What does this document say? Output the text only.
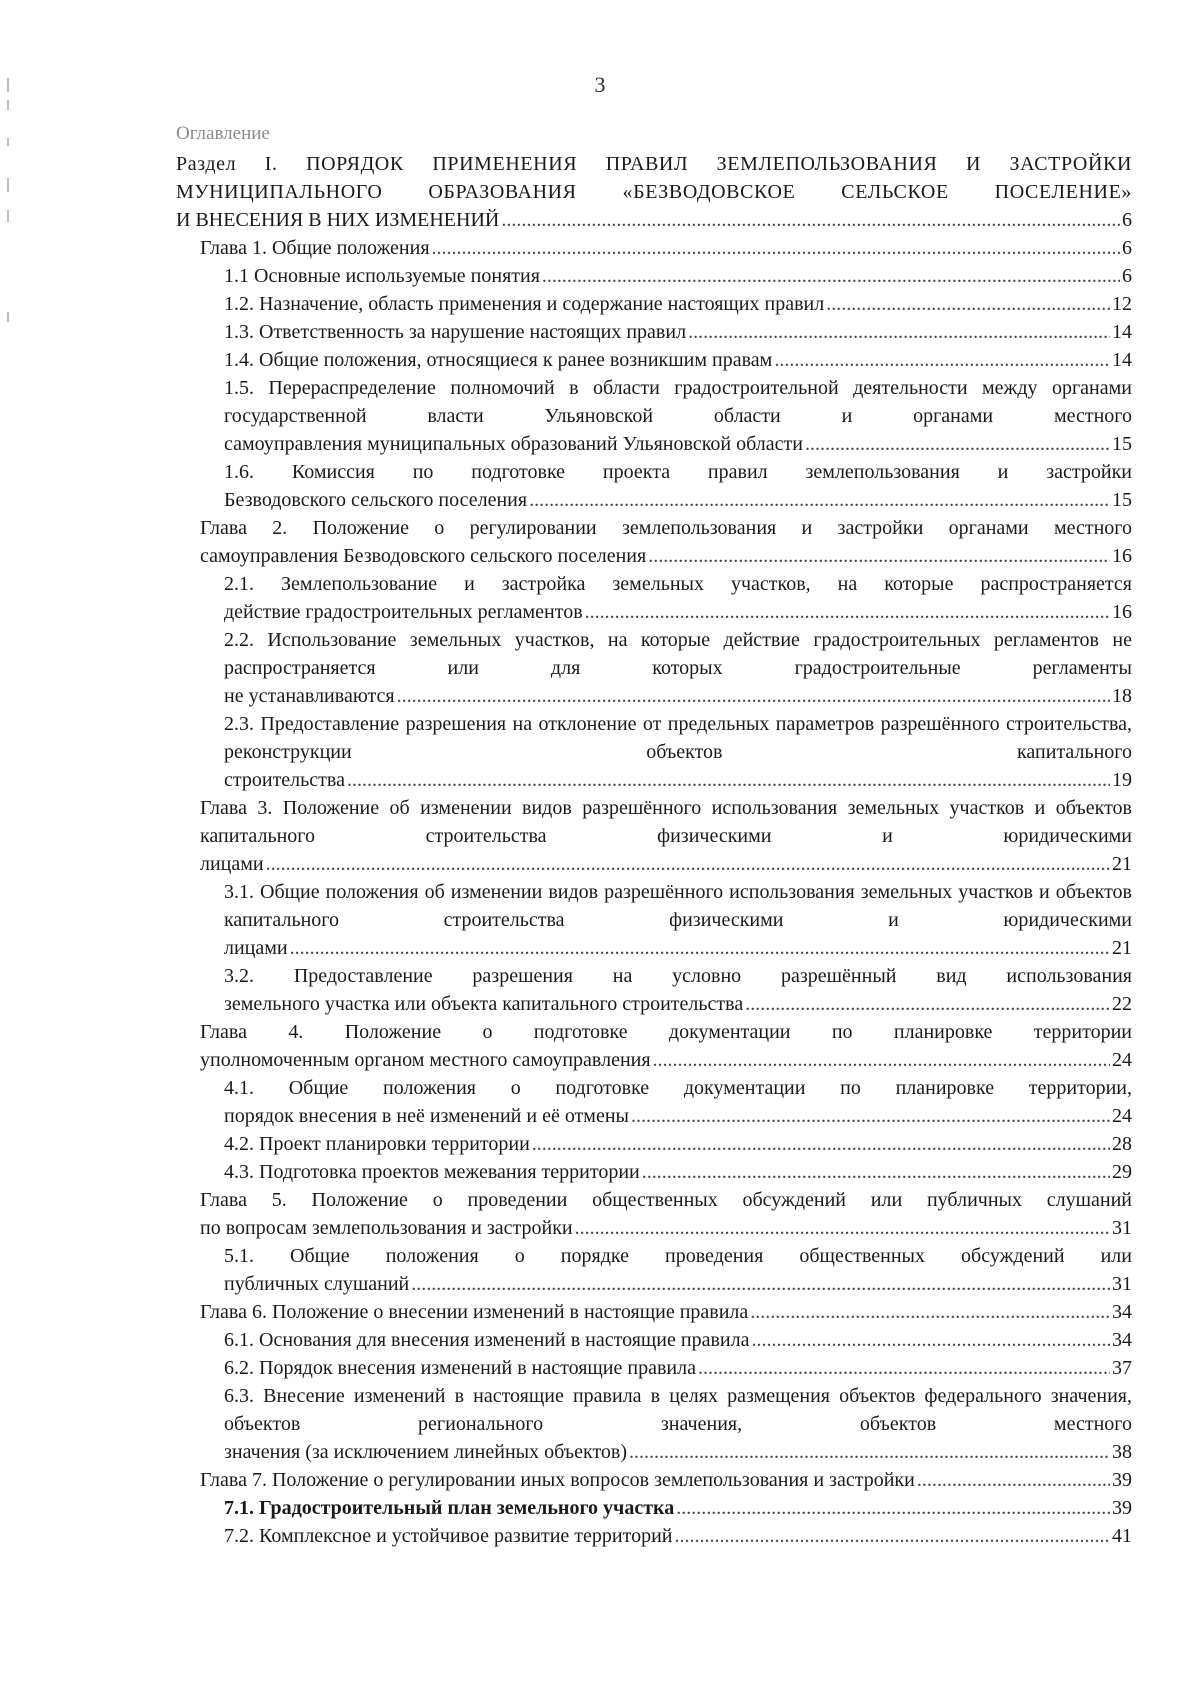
3
Оглавление
Раздел I. ПОРЯДОК ПРИМЕНЕНИЯ ПРАВИЛ ЗЕМЛЕПОЛЬЗОВАНИЯ И ЗАСТРОЙКИ МУНИЦИПАЛЬНОГО ОБРАЗОВАНИЯ «БЕЗВОДОВСКОЕ СЕЛЬСКОЕ ПОСЕЛЕНИЕ»
И ВНЕСЕНИЯ В НИХ ИЗМЕНЕНИЙ .....	6
Глава 1. Общие положения .....	6
1.1 Основные используемые понятия .....	6
1.2. Назначение, область применения и содержание настоящих правил .....	12
1.3. Ответственность за нарушение настоящих правил .....	14
1.4. Общие положения, относящиеся к ранее возникшим правам .....	14
1.5. Перераспределение полномочий в области градостроительной деятельности между органами государственной власти Ульяновской области и органами местного
самоуправления муниципальных образований Ульяновской области .....	15
1.6. Комиссия по подготовке проекта правил землепользования и застройки
Безводовского сельского поселения .....	15
Глава 2. Положение о регулировании землепользования и застройки органами местного
самоуправления Безводовского сельского поселения .....	16
2.1. Землепользование и застройка земельных участков, на которые распространяется
действие градостроительных регламентов .....	16
2.2. Использование земельных участков, на которые действие градостроительных регламентов не распространяется или для которых градостроительные регламенты
не устанавливаются .....	18
2.3. Предоставление разрешения на отклонение от предельных параметров разрешённого строительства, реконструкции объектов капитального
строительства .....	19
Глава 3. Положение об изменении видов разрешённого использования земельных участков и объектов капитального строительства физическими и юридическими
лицами .....	21
3.1. Общие положения об изменении видов разрешённого использования земельных участков и объектов капитального строительства физическими и юридическими
лицами .....	21
3.2. Предоставление разрешения на условно разрешённый вид использования
земельного участка или объекта капитального строительства .....	22
Глава 4. Положение о подготовке документации по планировке территории
уполномоченным органом местного самоуправления .....	24
4.1. Общие положения о подготовке документации по планировке территории,
порядок внесения в неё изменений и её отмены .....	24
4.2. Проект планировки территории .....	28
4.3. Подготовка проектов межевания территории .....	29
Глава 5. Положение о проведении общественных обсуждений или публичных слушаний
по вопросам землепользования и застройки .....	31
5.1. Общие положения о порядке проведения общественных обсуждений или
публичных слушаний .....	31
Глава 6. Положение о внесении изменений в настоящие правила .....	34
6.1. Основания для внесения изменений в настоящие правила .....	34
6.2. Порядок внесения изменений в настоящие правила .....	37
6.3. Внесение изменений в настоящие правила в целях размещения объектов федерального значения, объектов регионального значения, объектов местного
значения (за исключением линейных объектов) .....	38
Глава 7. Положение о регулировании иных вопросов землепользования и застройки .....	39
7.1. Градостроительный план земельного участка .....	39
7.2. Комплексное и устойчивое развитие территорий .....	41
